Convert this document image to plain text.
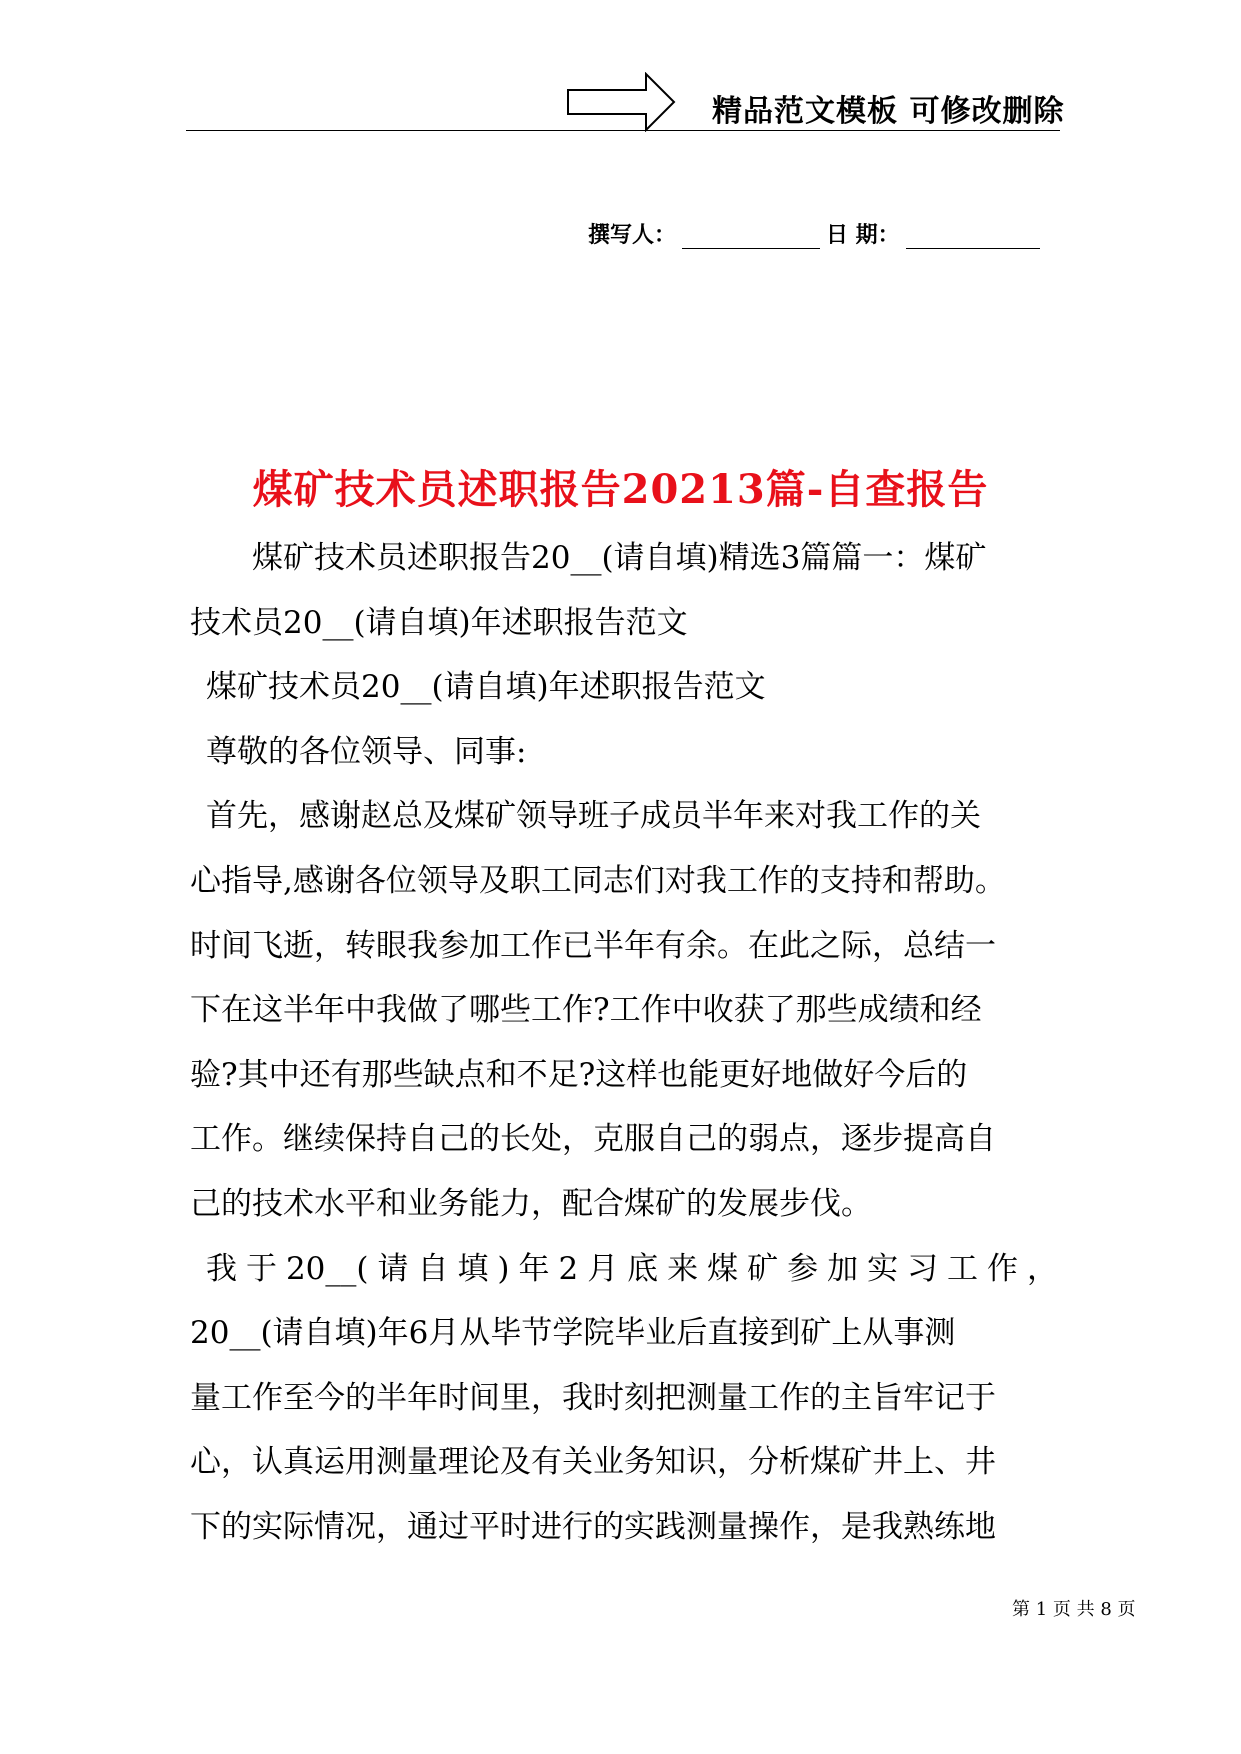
精品范文模板 可修改删除
撰写人：	日 期：
煤矿技术员述职报告20213篇-自查报告
煤矿技术员述职报告20__(请自填)精选3篇篇一：煤矿
技术员20__(请自填)年述职报告范文
煤矿技术员20__(请自填)年述职报告范文
尊敬的各位领导、同事:
首先，感谢赵总及煤矿领导班子成员半年来对我工作的关
心指导,感谢各位领导及职工同志们对我工作的支持和帮助。
时间飞逝，转眼我参加工作已半年有余。在此之际，总结一
下在这半年中我做了哪些工作?工作中收获了那些成绩和经
验?其中还有那些缺点和不足?这样也能更好地做好今后的
工作。继续保持自己的长处，克服自己的弱点，逐步提高自
己的技术水平和业务能力，配合煤矿的发展步伐。
我于20__(请自填)年2月底来煤矿参加实习工作，
20__(请自填)年6月从毕节学院毕业后直接到矿上从事测
量工作至今的半年时间里，我时刻把测量工作的主旨牢记于
心，认真运用测量理论及有关业务知识，分析煤矿井上、井
下的实际情况，通过平时进行的实践测量操作，是我熟练地
第 1 页 共 8 页
